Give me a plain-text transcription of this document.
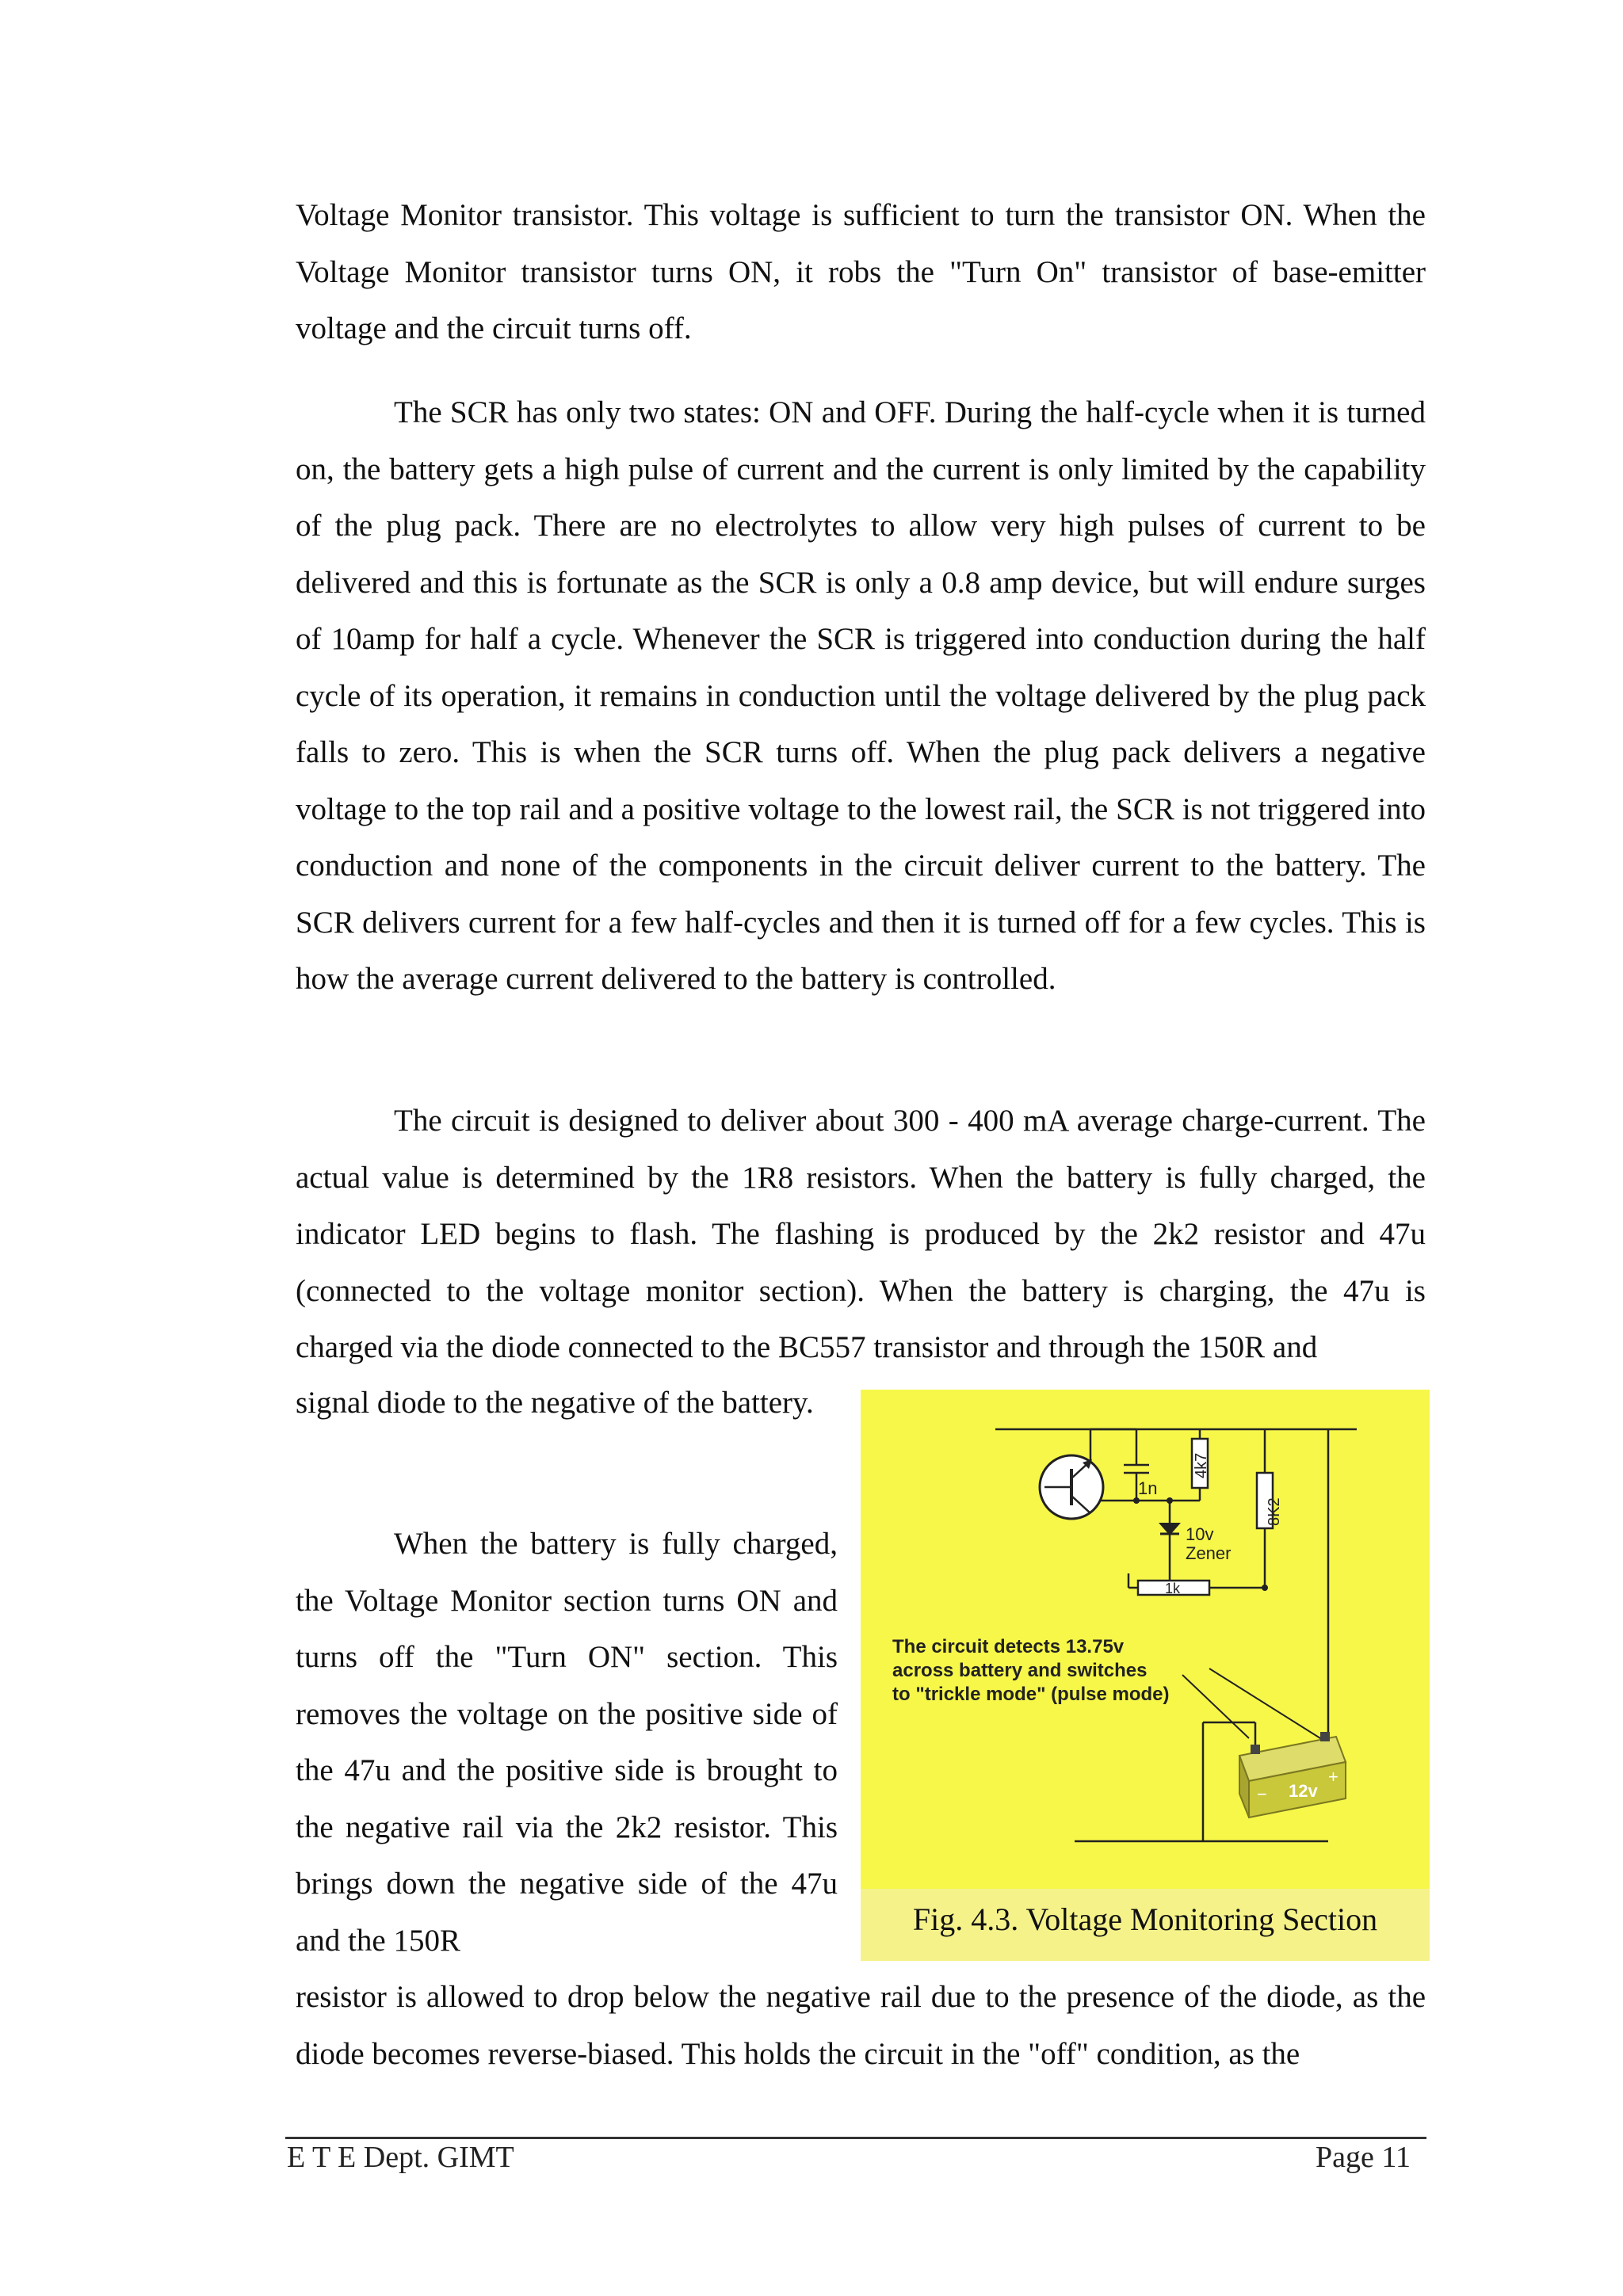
Voltage Monitor transistor. This voltage is sufficient to turn the transistor ON. When the Voltage Monitor transistor turns ON, it robs the "Turn On" transistor of base-emitter voltage and the circuit turns off.

The SCR has only two states: ON and OFF. During the half-cycle when it is turned on, the battery gets a high pulse of current and the current is only limited by the capability of the plug pack. There are no electrolytes to allow very high pulses of current to be delivered and this is fortunate as the SCR is only a 0.8 amp device, but will endure surges of 10amp for half a cycle. Whenever the SCR is triggered into conduction during the half cycle of its operation, it remains in conduction until the voltage delivered by the plug pack falls to zero. This is when the SCR turns off. When the plug pack delivers a negative voltage to the top rail and a positive voltage to the lowest rail, the SCR is not triggered into conduction and none of the components in the circuit deliver current to the battery. The SCR delivers current for a few half-cycles and then it is turned off for a few cycles. This is how the average current delivered to the battery is controlled.

The circuit is designed to deliver about 300 - 400 mA average charge-current. The actual value is determined by the 1R8 resistors. When the battery is fully charged, the indicator LED begins to flash. The flashing is produced by the 2k2 resistor and 47u (connected to the voltage monitor section). When the battery is charging, the 47u is charged via the diode connected to the BC557 transistor and through the 150R and

signal diode to the negative of the battery.

When the battery is fully charged, the Voltage Monitor section turns ON and turns off the "Turn ON" section. This removes the voltage on the positive side of the 47u and the positive side is brought to the negative rail via the 2k2 resistor. This brings down the negative side of the 47u and the 150R

− 12v
+
1n
4k7
8K2
10v
Zener
1k
The circuit detects 13.75v
across battery and switches
to "trickle mode" (pulse mode)
Fig. 4.3. Voltage Monitoring Section

resistor is allowed to drop below the negative rail due to the presence of the diode, as the diode becomes reverse-biased. This holds the circuit in the "off" condition, as the

E T E Dept. GIMT	Page 11
